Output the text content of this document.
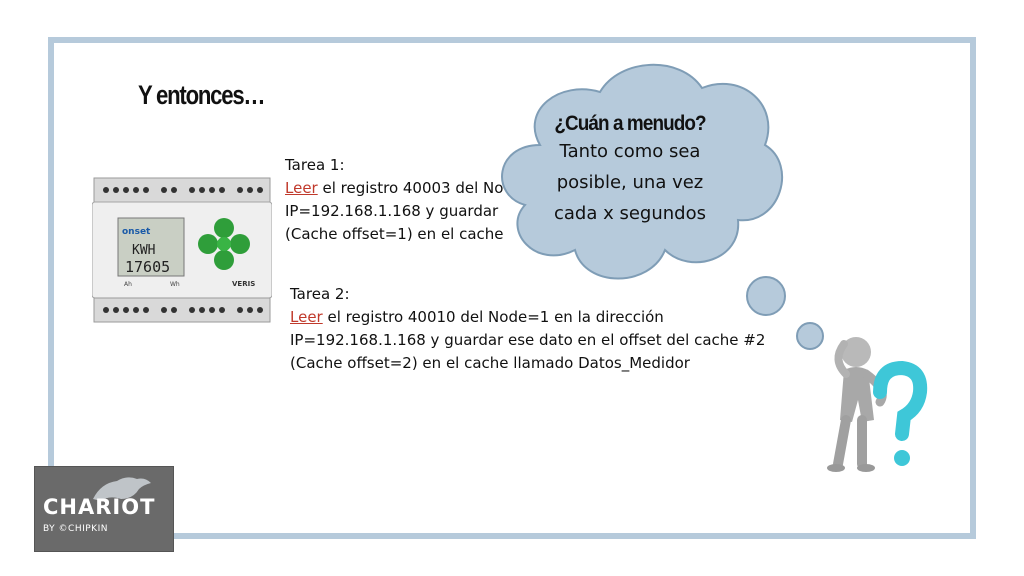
Y entonces…
onset
KWH
17605
Ah	Wh	VERIS
Tarea 1:
Leer el registro 40003 del No
IP=192.168.1.168 y guardar
(Cache offset=1) en el cache
Tarea 2:
Leer el registro 40010 del Node=1 en la dirección
IP=192.168.1.168 y guardar ese dato en el offset del cache #2
(Cache offset=2) en el cache llamado Datos_Medidor
¿Cuán a menudo?
Tanto como sea
posible, una vez
cada x segundos
CHARIOT
BY ©CHIPKIN
